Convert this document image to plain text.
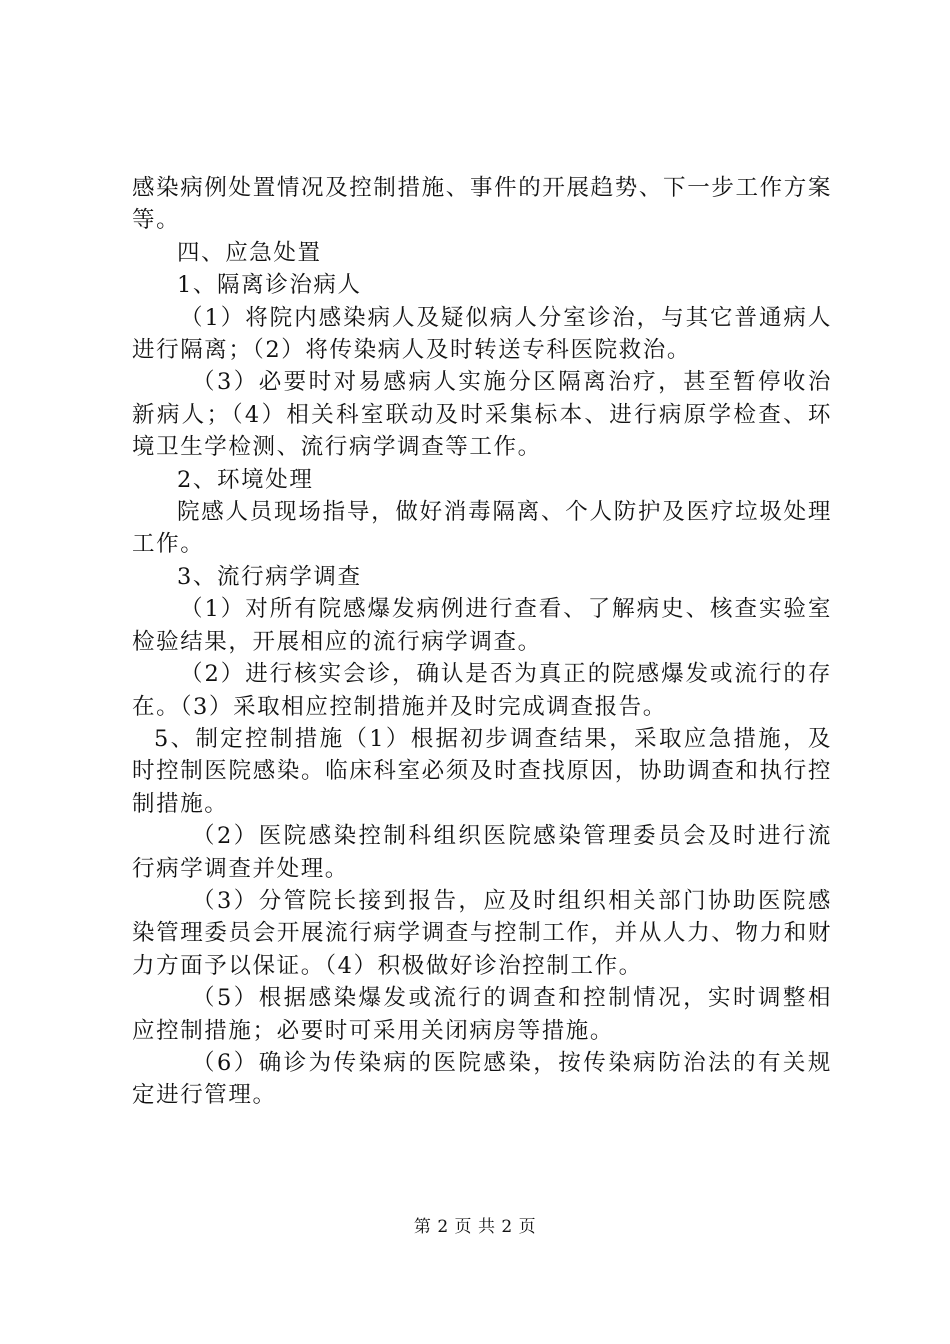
感染病例处置情况及控制措施、事件的开展趋势、下一步工作方案等。

四、应急处置

1、隔离诊治病人

（1）将院内感染病人及疑似病人分室诊治，与其它普通病人进行隔离；（2）将传染病人及时转送专科医院救治。

（3）必要时对易感病人实施分区隔离治疗，甚至暂停收治新病人；（4）相关科室联动及时采集标本、进行病原学检查、环境卫生学检测、流行病学调查等工作。

2、环境处理

院感人员现场指导，做好消毒隔离、个人防护及医疗垃圾处理工作。

3、流行病学调查

（1）对所有院感爆发病例进行查看、了解病史、核查实验室检验结果，开展相应的流行病学调查。

（2）进行核实会诊，确认是否为真正的院感爆发或流行的存在。（3）采取相应控制措施并及时完成调查报告。

5、制定控制措施（1）根据初步调查结果，采取应急措施，及时控制医院感染。临床科室必须及时查找原因，协助调查和执行控制措施。

（2）医院感染控制科组织医院感染管理委员会及时进行流行病学调查并处理。

（3）分管院长接到报告，应及时组织相关部门协助医院感染管理委员会开展流行病学调查与控制工作，并从人力、物力和财力方面予以保证。（4）积极做好诊治控制工作。

（5）根据感染爆发或流行的调查和控制情况，实时调整相应控制措施；必要时可采用关闭病房等措施。

（6）确诊为传染病的医院感染，按传染病防治法的有关规定进行管理。

第 2 页 共 2 页
